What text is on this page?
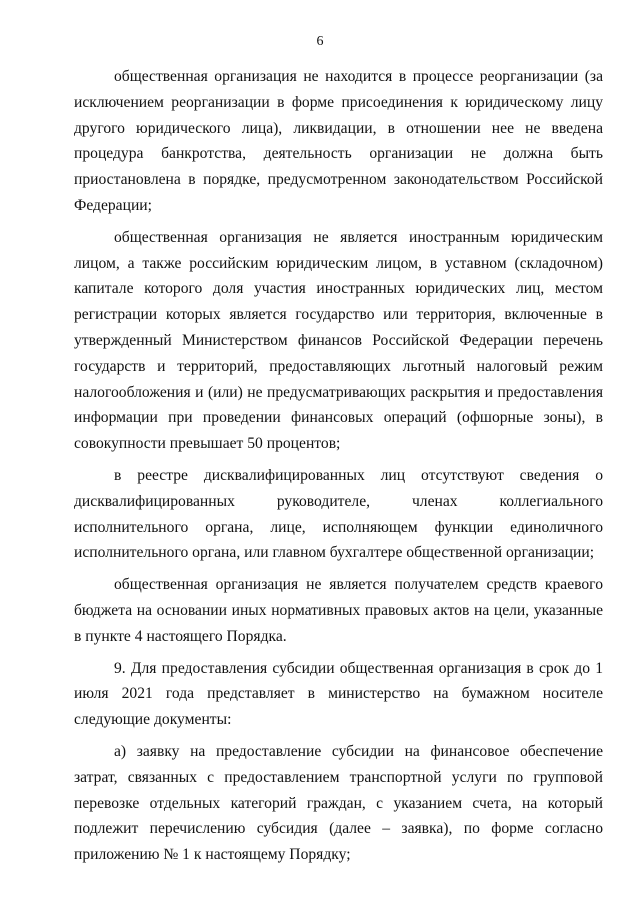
6

общественная организация не находится в процессе реорганизации (за исключением реорганизации в форме присоединения к юридическому лицу другого юридического лица), ликвидации, в отношении нее не введена процедура банкротства, деятельность организации не должна быть приостановлена в порядке, предусмотренном законодательством Российской Федерации;

общественная организация не является иностранным юридическим лицом, а также российским юридическим лицом, в уставном (складочном) капитале которого доля участия иностранных юридических лиц, местом регистрации которых является государство или территория, включенные в утвержденный Министерством финансов Российской Федерации перечень государств и территорий, предоставляющих льготный налоговый режим налогообложения и (или) не предусматривающих раскрытия и предоставления информации при проведении финансовых операций (офшорные зоны), в совокупности превышает 50 процентов;

в реестре дисквалифицированных лиц отсутствуют сведения о дисквалифицированных руководителе, членах коллегиального исполнительного органа, лице, исполняющем функции единоличного исполнительного органа, или главном бухгалтере общественной организации;

общественная организация не является получателем средств краевого бюджета на основании иных нормативных правовых актов на цели, указанные в пункте 4 настоящего Порядка.

9. Для предоставления субсидии общественная организация в срок до 1 июля 2021 года представляет в министерство на бумажном носителе следующие документы:

а) заявку на предоставление субсидии на финансовое обеспечение затрат, связанных с предоставлением транспортной услуги по групповой перевозке отдельных категорий граждан, с указанием счета, на который подлежит перечислению субсидия (далее – заявка), по форме согласно приложению № 1 к настоящему Порядку;
